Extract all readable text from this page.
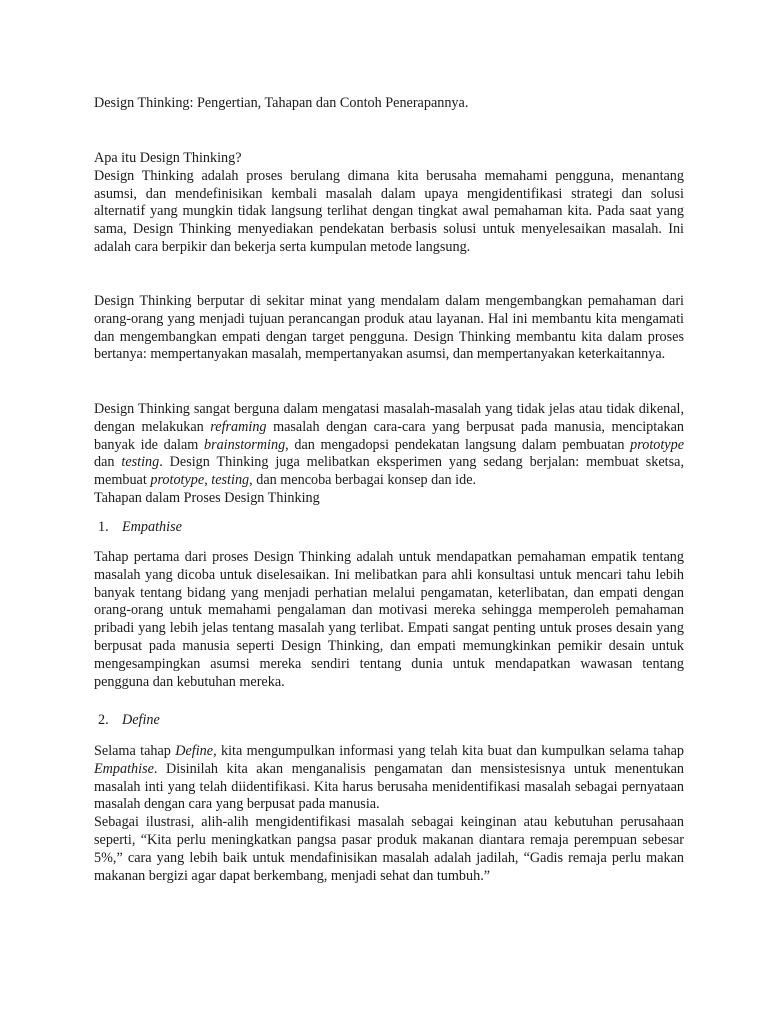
Design Thinking: Pengertian, Tahapan dan Contoh Penerapannya.

Apa itu Design Thinking?

Design Thinking adalah proses berulang dimana kita berusaha memahami pengguna, menantang asumsi, dan mendefinisikan kembali masalah dalam upaya mengidentifikasi strategi dan solusi alternatif yang mungkin tidak langsung terlihat dengan tingkat awal pemahaman kita. Pada saat yang sama, Design Thinking menyediakan pendekatan berbasis solusi untuk menyelesaikan masalah. Ini adalah cara berpikir dan bekerja serta kumpulan metode langsung.

Design Thinking berputar di sekitar minat yang mendalam dalam mengembangkan pemahaman dari orang-orang yang menjadi tujuan perancangan produk atau layanan. Hal ini membantu kita mengamati dan mengembangkan empati dengan target pengguna. Design Thinking membantu kita dalam proses bertanya: mempertanyakan masalah, mempertanyakan asumsi, dan mempertanyakan keterkaitannya.

Design Thinking sangat berguna dalam mengatasi masalah-masalah yang tidak jelas atau tidak dikenal, dengan melakukan reframing masalah dengan cara-cara yang berpusat pada manusia, menciptakan banyak ide dalam brainstorming, dan mengadopsi pendekatan langsung dalam pembuatan prototype dan testing. Design Thinking juga melibatkan eksperimen yang sedang berjalan: membuat sketsa, membuat prototype, testing, dan mencoba berbagai konsep dan ide.

Tahapan dalam Proses Design Thinking

1. Empathise

Tahap pertama dari proses Design Thinking adalah untuk mendapatkan pemahaman empatik tentang masalah yang dicoba untuk diselesaikan. Ini melibatkan para ahli konsultasi untuk mencari tahu lebih banyak tentang bidang yang menjadi perhatian melalui pengamatan, keterlibatan, dan empati dengan orang-orang untuk memahami pengalaman dan motivasi mereka sehingga memperoleh pemahaman pribadi yang lebih jelas tentang masalah yang terlibat. Empati sangat penting untuk proses desain yang berpusat pada manusia seperti Design Thinking, dan empati memungkinkan pemikir desain untuk mengesampingkan asumsi mereka sendiri tentang dunia untuk mendapatkan wawasan tentang pengguna dan kebutuhan mereka.

2. Define

Selama tahap Define, kita mengumpulkan informasi yang telah kita buat dan kumpulkan selama tahap Empathise. Disinilah kita akan menganalisis pengamatan dan mensistesisnya untuk menentukan masalah inti yang telah diidentifikasi. Kita harus berusaha menidentifikasi masalah sebagai pernyataan masalah dengan cara yang berpusat pada manusia.

Sebagai ilustrasi, alih-alih mengidentifikasi masalah sebagai keinginan atau kebutuhan perusahaan seperti, “Kita perlu meningkatkan pangsa pasar produk makanan diantara remaja perempuan sebesar 5%,” cara yang lebih baik untuk mendafinisikan masalah adalah jadilah, “Gadis remaja perlu makan makanan bergizi agar dapat berkembang, menjadi sehat dan tumbuh.”
